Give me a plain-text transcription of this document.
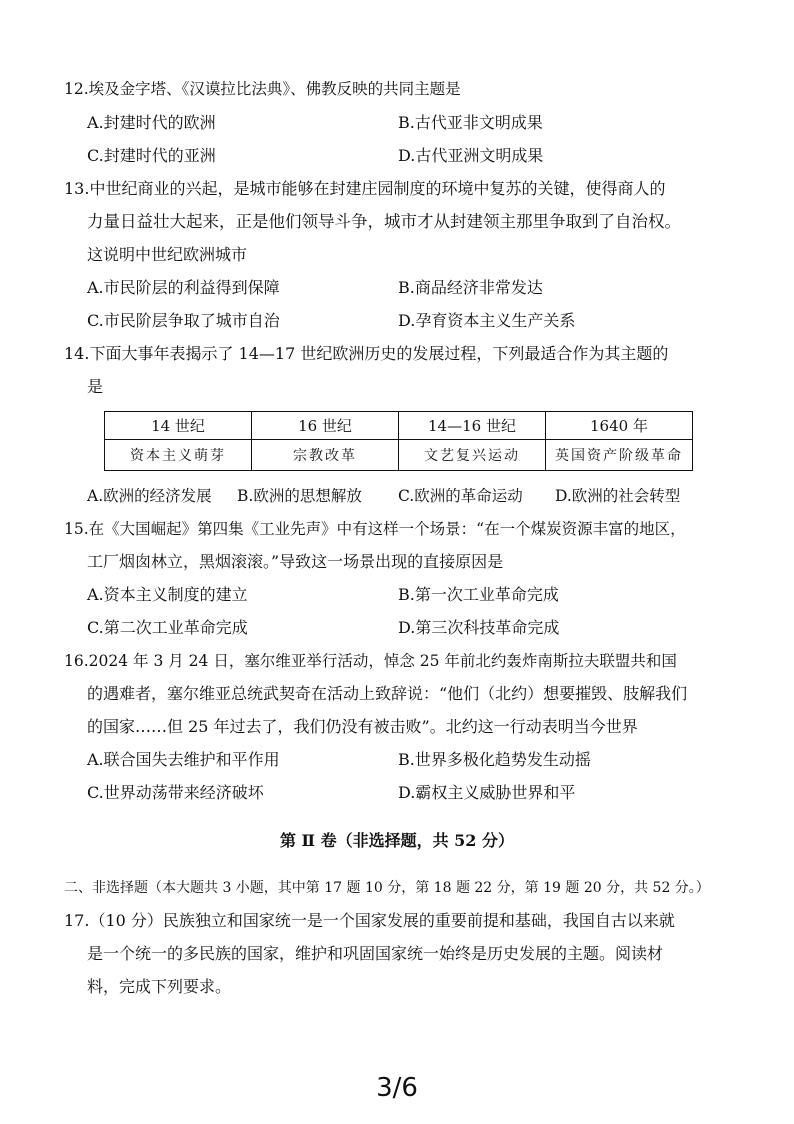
12.埃及金字塔、《汉谟拉比法典》、佛教反映的共同主题是
A.封建时代的欧洲	B.古代亚非文明成果
C.封建时代的亚洲	D.古代亚洲文明成果
13.中世纪商业的兴起，是城市能够在封建庄园制度的环境中复苏的关键，使得商人的
力量日益壮大起来，正是他们领导斗争，城市才从封建领主那里争取到了自治权。
这说明中世纪欧洲城市
A.市民阶层的利益得到保障	B.商品经济非常发达
C.市民阶层争取了城市自治	D.孕育资本主义生产关系
14.下面大事年表揭示了 14—17 世纪欧洲历史的发展过程，下列最适合作为其主题的
是
14 世纪	16 世纪	14—16 世纪	1640 年
资本主义萌芽	宗教改革	文艺复兴运动	英国资产阶级革命
A.欧洲的经济发展 B.欧洲的思想解放 C.欧洲的革命运动 D.欧洲的社会转型
15.在《大国崛起》第四集《工业先声》中有这样一个场景：“在一个煤炭资源丰富的地区，
工厂烟囱林立，黑烟滚滚。”导致这一场景出现的直接原因是
A.资本主义制度的建立	B.第一次工业革命完成
C.第二次工业革命完成	D.第三次科技革命完成
16.2024 年 3 月 24 日，塞尔维亚举行活动，悼念 25 年前北约轰炸南斯拉夫联盟共和国
的遇难者，塞尔维亚总统武契奇在活动上致辞说：“他们（北约）想要摧毁、肢解我们
的国家……但 25 年过去了，我们仍没有被击败”。北约这一行动表明当今世界
A.联合国失去维护和平作用	B.世界多极化趋势发生动摇
C.世界动荡带来经济破坏	D.霸权主义威胁世界和平
第 Ⅱ 卷（非选择题，共 52 分）
二、非选择题（本大题共 3 小题，其中第 17 题 10 分，第 18 题 22 分，第 19 题 20 分，共 52 分。）
17.（10 分）民族独立和国家统一是一个国家发展的重要前提和基础，我国自古以来就
是一个统一的多民族的国家，维护和巩固国家统一始终是历史发展的主题。阅读材
料，完成下列要求。
3/6
